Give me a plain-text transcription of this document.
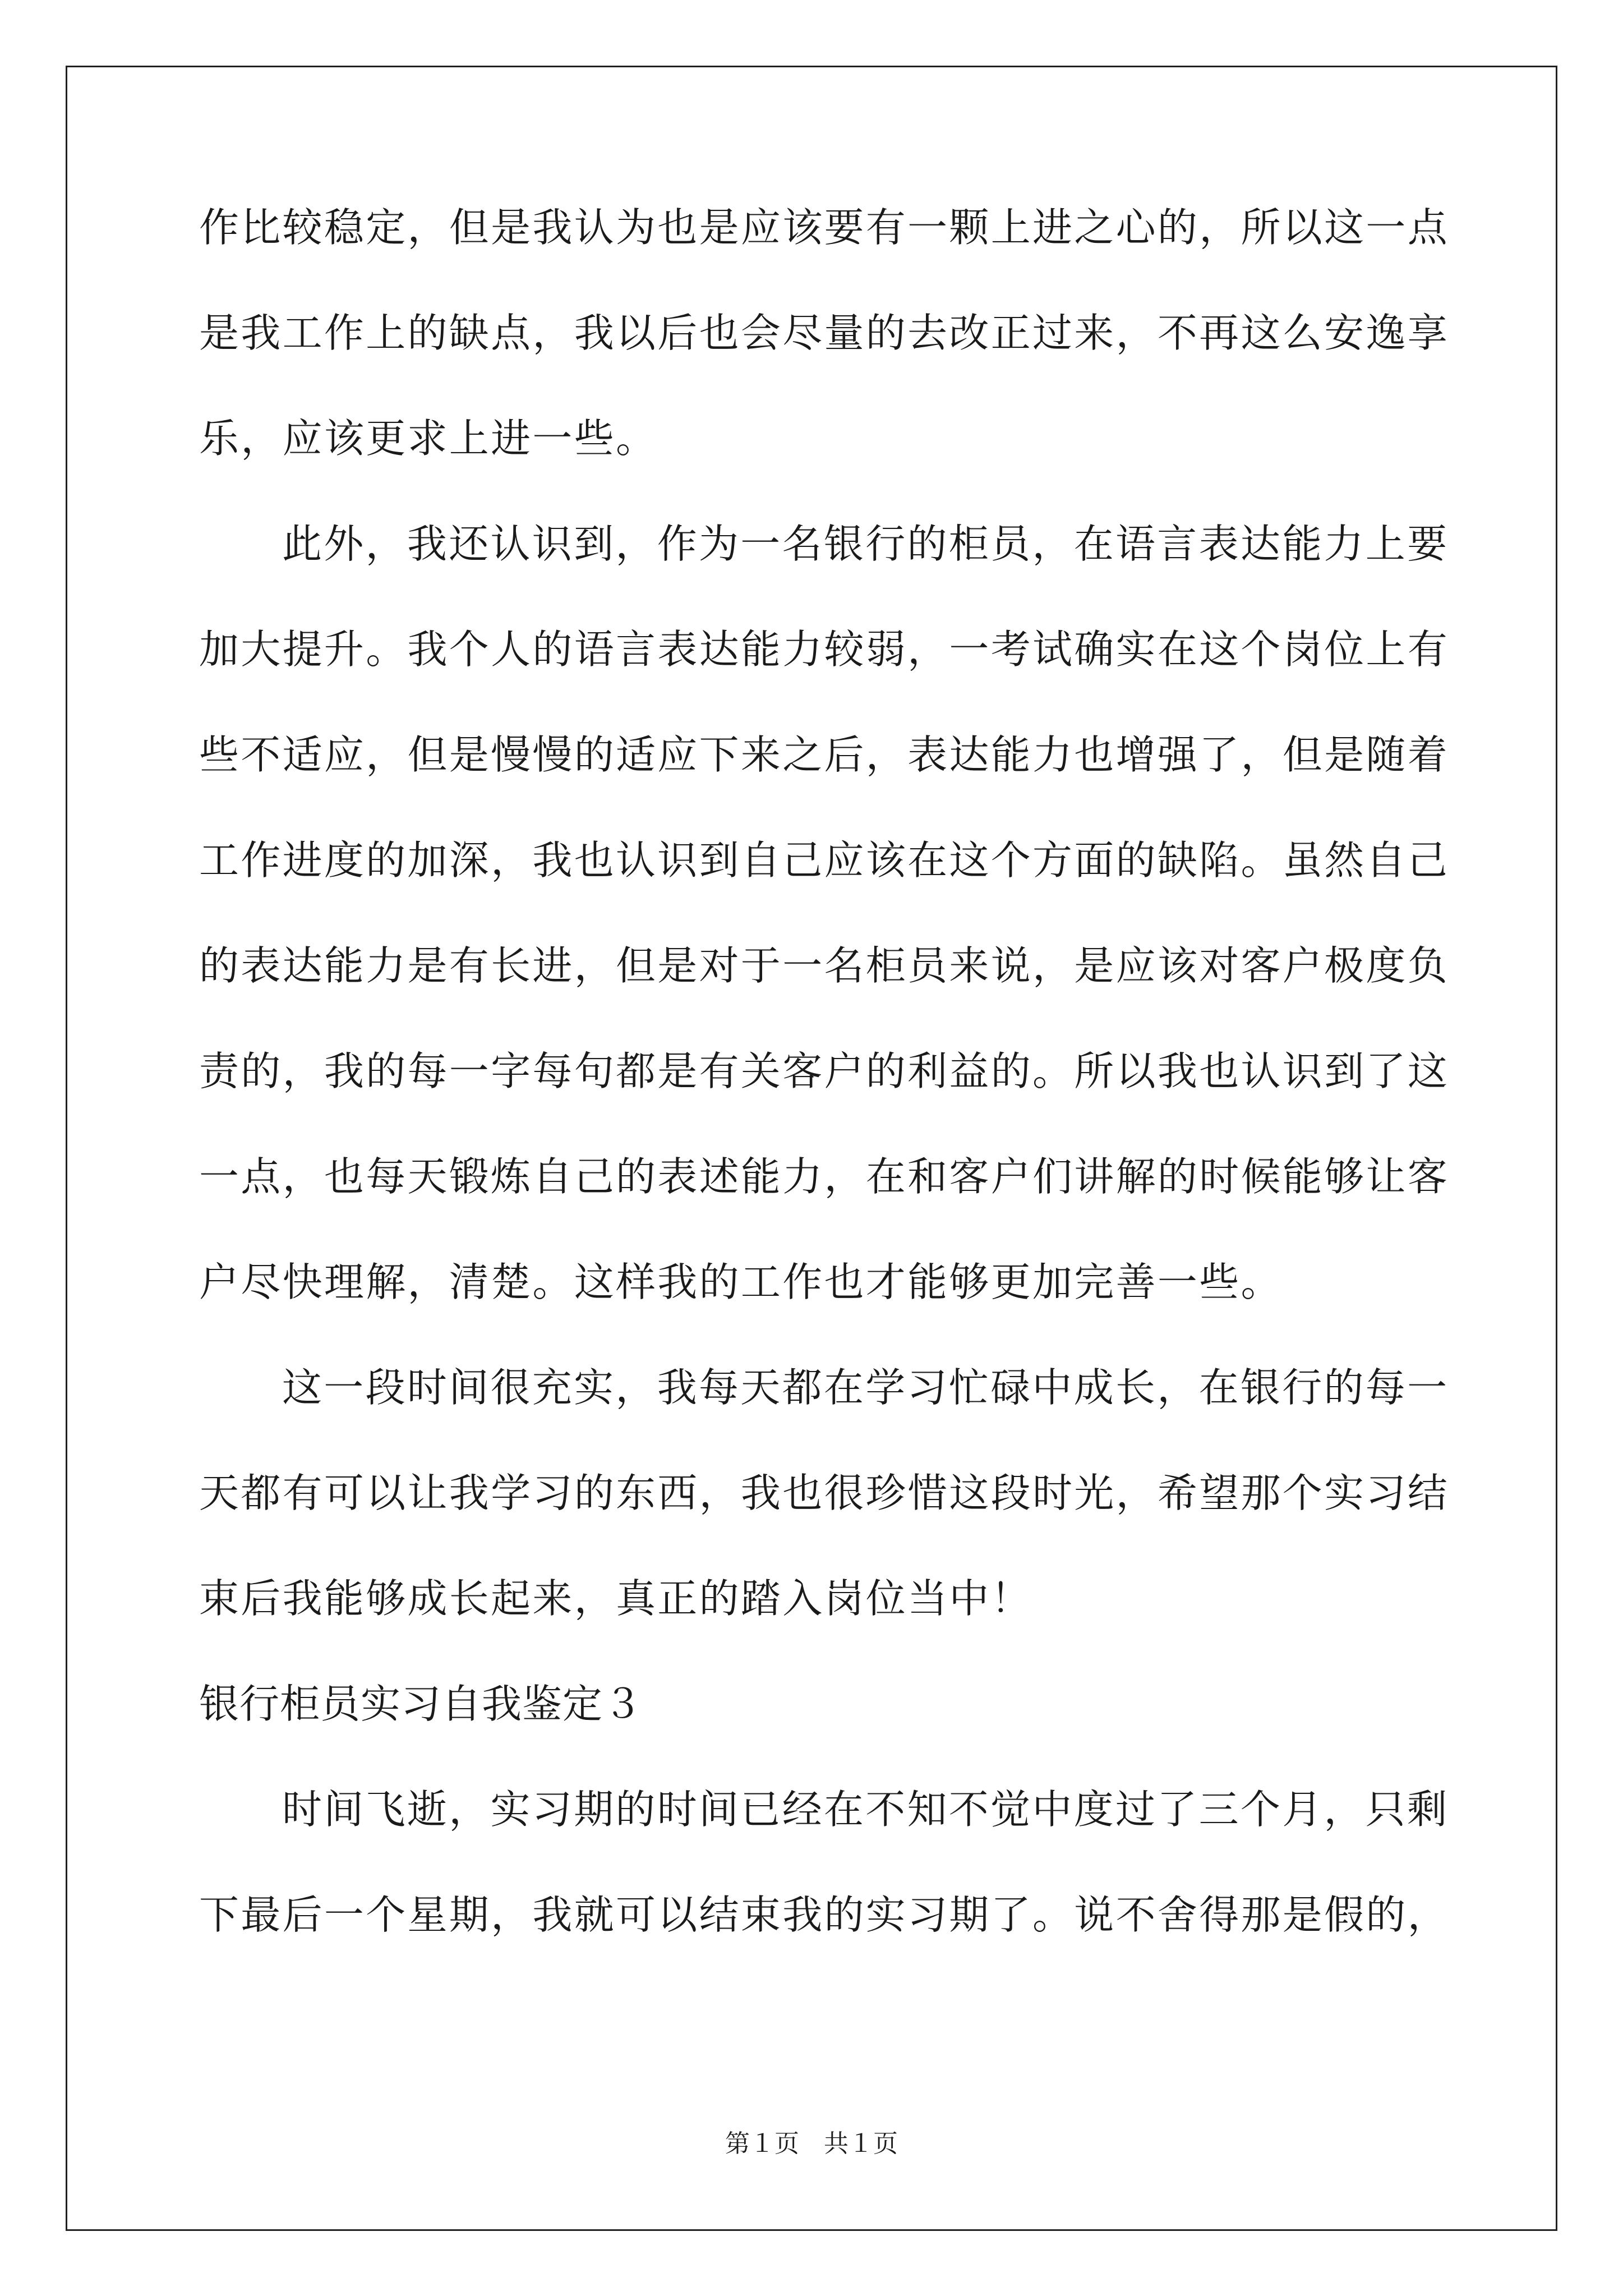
作比较稳定，但是我认为也是应该要有一颗上进之心的，所以这一点
是我工作上的缺点，我以后也会尽量的去改正过来，不再这么安逸享
乐，应该更求上进一些。
此外，我还认识到，作为一名银行的柜员，在语言表达能力上要
加大提升。我个人的语言表达能力较弱，一考试确实在这个岗位上有
些不适应，但是慢慢的适应下来之后，表达能力也增强了，但是随着
工作进度的加深，我也认识到自己应该在这个方面的缺陷。虽然自己
的表达能力是有长进，但是对于一名柜员来说，是应该对客户极度负
责的，我的每一字每句都是有关客户的利益的。所以我也认识到了这
一点，也每天锻炼自己的表述能力，在和客户们讲解的时候能够让客
户尽快理解，清楚。这样我的工作也才能够更加完善一些。
这一段时间很充实，我每天都在学习忙碌中成长，在银行的每一
天都有可以让我学习的东西，我也很珍惜这段时光，希望那个实习结
束后我能够成长起来，真正的踏入岗位当中！
银行柜员实习自我鉴定３
时间飞逝，实习期的时间已经在不知不觉中度过了三个月，只剩
下最后一个星期，我就可以结束我的实习期了。说不舍得那是假的，
第１页　共１页
